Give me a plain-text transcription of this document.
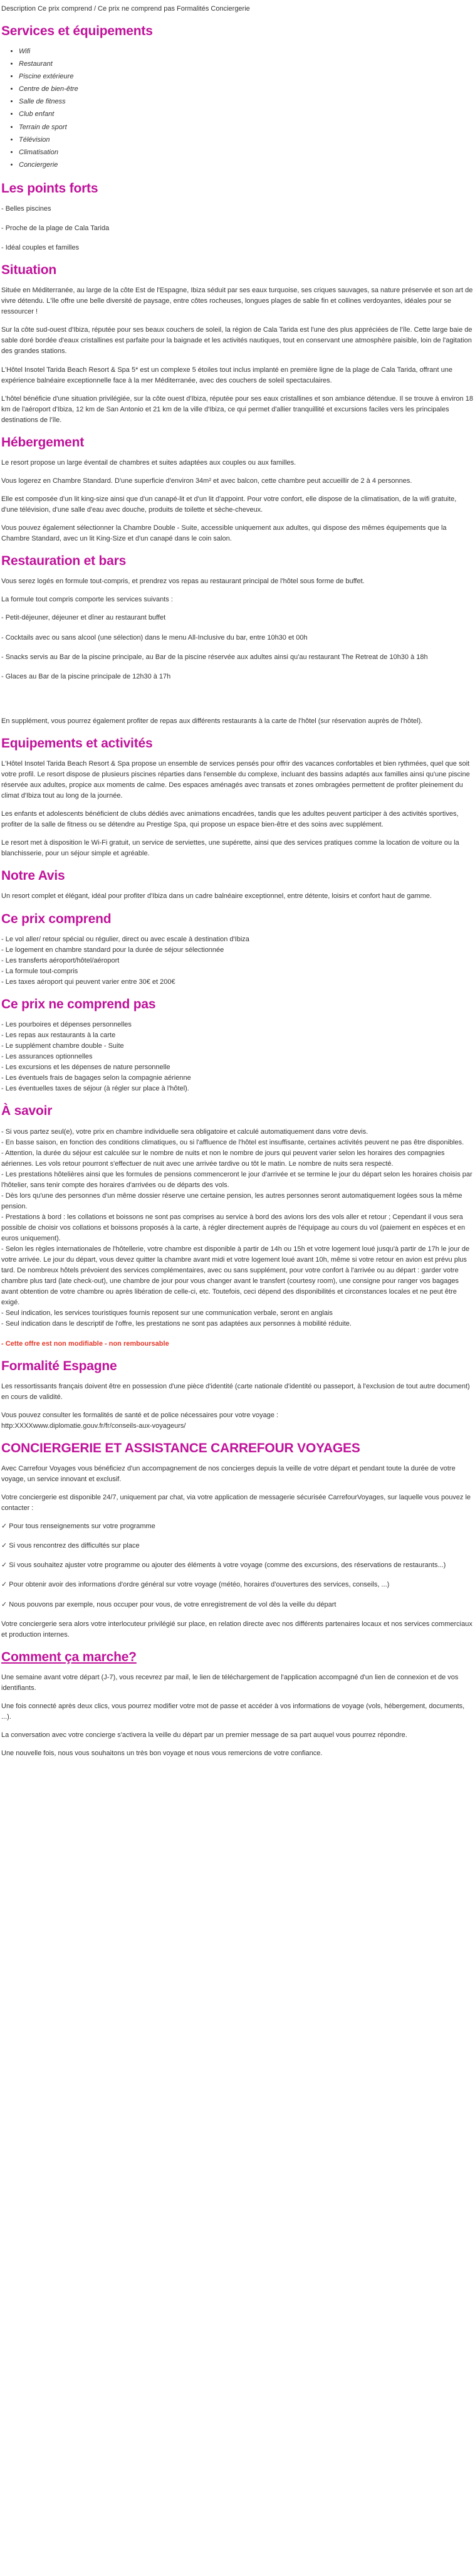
Description Ce prix comprend / Ce prix ne comprend pas Formalités Conciergerie
Services et équipements
• Wifi
• Restaurant
• Piscine extérieure
• Centre de bien-être
• Salle de fitness
• Club enfant
• Terrain de sport
• Télévision
• Climatisation
• Conciergerie
Les points forts

- Belles piscines

- Proche de la plage de Cala Tarida

- Idéal couples et familles

Situation

Située en Méditerranée, au large de la côte Est de l'Espagne, Ibiza séduit par ses eaux turquoise, ses criques sauvages, sa nature préservée et son art de vivre détendu. L'île offre une belle diversité de paysage, entre côtes rocheuses, longues plages de sable fin et collines verdoyantes, idéales pour se ressourcer !

Sur la côte sud-ouest d'Ibiza, réputée pour ses beaux couchers de soleil, la région de Cala Tarida est l'une des plus appréciées de l'île. Cette large baie de sable doré bordée d'eaux cristallines est parfaite pour la baignade et les activités nautiques, tout en conservant une atmosphère paisible, loin de l'agitation des grandes stations.

L'Hôtel Insotel Tarida Beach Resort & Spa 5* est un complexe 5 étoiles tout inclus implanté en première ligne de la plage de Cala Tarida, offrant une expérience balnéaire exceptionnelle face à la mer Méditerranée, avec des couchers de soleil spectaculaires.

L'hôtel bénéficie d'une situation privilégiée, sur la côte ouest d'Ibiza, réputée pour ses eaux cristallines et son ambiance détendue. Il se trouve à environ 18 km de l'aéroport d'Ibiza, 12 km de San Antonio et 21 km de la ville d'Ibiza, ce qui permet d'allier tranquillité et excursions faciles vers les principales destinations de l'île.

Hébergement

Le resort propose un large éventail de chambres et suites adaptées aux couples ou aux familles.

Vous logerez en Chambre Standard. D'une superficie d'environ 34m² et avec balcon, cette chambre peut accueillir de 2 à 4 personnes.

Elle est composée d'un lit king-size ainsi que d'un canapé-lit et d'un lit d'appoint. Pour votre confort, elle dispose de la climatisation, de la wifi gratuite, d'une télévision, d'une salle d'eau avec douche, produits de toilette et sèche-cheveux.

Vous pouvez également sélectionner la Chambre Double - Suite, accessible uniquement aux adultes, qui dispose des mêmes équipements que la Chambre Standard, avec un lit King-Size et d'un canapé dans le coin salon.

Restauration et bars

Vous serez logés en formule tout-compris, et prendrez vos repas au restaurant principal de l'hôtel sous forme de buffet.

La formule tout compris comporte les services suivants :

- Petit-déjeuner, déjeuner et dîner au restaurant buffet

- Cocktails avec ou sans alcool (une sélection) dans le menu All-Inclusive du bar, entre 10h30 et 00h

- Snacks servis au Bar de la piscine principale, au Bar de la piscine réservée aux adultes ainsi qu'au restaurant The Retreat de 10h30 à 18h

- Glaces au Bar de la piscine principale de 12h30 à 17h

En supplément, vous pourrez également profiter de repas aux différents restaurants à la carte de l'hôtel (sur réservation auprès de l'hôtel).

Equipements et activités

L'Hôtel Insotel Tarida Beach Resort & Spa propose un ensemble de services pensés pour offrir des vacances confortables et bien rythmées, quel que soit votre profil. Le resort dispose de plusieurs piscines réparties dans l'ensemble du complexe, incluant des bassins adaptés aux familles ainsi qu'une piscine réservée aux adultes, propice aux moments de calme. Des espaces aménagés avec transats et zones ombragées permettent de profiter pleinement du climat d'Ibiza tout au long de la journée.

Les enfants et adolescents bénéficient de clubs dédiés avec animations encadrées, tandis que les adultes peuvent participer à des activités sportives, profiter de la salle de fitness ou se détendre au Prestige Spa, qui propose un espace bien-être et des soins avec supplément.

Le resort met à disposition le Wi-Fi gratuit, un service de serviettes, une supérette, ainsi que des services pratiques comme la location de voiture ou la blanchisserie, pour un séjour simple et agréable.

Notre Avis

Un resort complet et élégant, idéal pour profiter d'Ibiza dans un cadre balnéaire exceptionnel, entre détente, loisirs et confort haut de gamme.

Ce prix comprend
- Le vol aller/ retour spécial ou régulier, direct ou avec escale à destination d'Ibiza
- Le logement en chambre standard pour la durée de séjour sélectionnée
- Les transferts aéroport/hôtel/aéroport
- La formule tout-compris
- Les taxes aéroport qui peuvent varier entre 30€ et 200€
Ce prix ne comprend pas
- Les pourboires et dépenses personnelles
- Les repas aux restaurants à la carte
- Le supplément chambre double - Suite
- Les assurances optionnelles
- Les excursions et les dépenses de nature personnelle
- Les éventuels frais de bagages selon la compagnie aérienne
- Les éventuelles taxes de séjour (à régler sur place à l'hôtel).
À savoir
- Si vous partez seul(e), votre prix en chambre individuelle sera obligatoire et calculé automatiquement dans votre devis.
- En basse saison, en fonction des conditions climatiques, ou si l'affluence de l'hôtel est insuffisante, certaines activités peuvent ne pas être disponibles.
- Attention, la durée du séjour est calculée sur le nombre de nuits et non le nombre de jours qui peuvent varier selon les horaires des compagnies aériennes. Les vols retour pourront s'effectuer de nuit avec une arrivée tardive ou tôt le matin. Le nombre de nuits sera respecté.
- Les prestations hôtelières ainsi que les formules de pensions commenceront le jour d'arrivée et se termine le jour du départ selon les horaires choisis par l'hôtelier, sans tenir compte des horaires d'arrivées ou de départs des vols.
- Dès lors qu'une des personnes d'un même dossier réserve une certaine pension, les autres personnes seront automatiquement logées sous la même pension.
- Prestations à bord : les collations et boissons ne sont pas comprises au service à bord des avions lors des vols aller et retour ; Cependant il vous sera possible de choisir vos collations et boissons proposés à la carte, à régler directement auprès de l'équipage au cours du vol (paiement en espèces et en euros uniquement).
- Selon les règles internationales de l'hôtellerie, votre chambre est disponible à partir de 14h ou 15h et votre logement loué jusqu'à partir de 17h le jour de votre arrivée. Le jour du départ, vous devez quitter la chambre avant midi et votre logement loué avant 10h, même si votre retour en avion est prévu plus tard. De nombreux hôtels prévoient des services complémentaires, avec ou sans supplément, pour votre confort à l'arrivée ou au départ : garder votre chambre plus tard (late check-out), une chambre de jour pour vous changer avant le transfert (courtesy room), une consigne pour ranger vos bagages avant obtention de votre chambre ou après libération de celle-ci, etc. Toutefois, ceci dépend des disponibilités et circonstances locales et ne peut être exigé.
- Seul indication, les services touristiques fournis reposent sur une communication verbale, seront en anglais
- Seul indication dans le descriptif de l'offre, les prestations ne sont pas adaptées aux personnes à mobilité réduite.

- Cette offre est non modifiable - non remboursable

Formalité Espagne

Les ressortissants français doivent être en possession d'une pièce d'identité (carte nationale d'identité ou passeport, à l'exclusion de tout autre document) en cours de validité.

Vous pouvez consulter les formalités de santé et de police nécessaires pour votre voyage :

http:XXXXwww.diplomatie.gouv.fr/fr/conseils-aux-voyageurs/

CONCIERGERIE ET ASSISTANCE CARREFOUR VOYAGES

Avec Carrefour Voyages vous bénéficiez d'un accompagnement de nos concierges depuis la veille de votre départ et pendant toute la durée de votre voyage, un service innovant et exclusif.

Votre conciergerie est disponible 24/7, uniquement par chat, via votre application de messagerie sécurisée CarrefourVoyages, sur laquelle vous pouvez le contacter :

✓ Pour tous renseignements sur votre programme

✓ Si vous rencontrez des difficultés sur place

✓ Si vous souhaitez ajuster votre programme ou ajouter des éléments à votre voyage (comme des excursions, des réservations de restaurants...)

✓ Pour obtenir avoir des informations d'ordre général sur votre voyage (météo, horaires d'ouvertures des services, conseils, ...)

✓ Nous pouvons par exemple, nous occuper pour vous, de votre enregistrement de vol dès la veille du départ

Votre conciergerie sera alors votre interlocuteur privilégié sur place, en relation directe avec nos différents partenaires locaux et nos services commerciaux et production internes.

Comment ça marche?

Une semaine avant votre départ (J-7), vous recevrez par mail, le lien de téléchargement de l'application accompagné d'un lien de connexion et de vos identifiants.

Une fois connecté après deux clics, vous pourrez modifier votre mot de passe et accéder à vos informations de voyage (vols, hébergement, documents, ...).

La conversation avec votre concierge s'activera la veille du départ par un premier message de sa part auquel vous pourrez répondre.

Une nouvelle fois, nous vous souhaitons un très bon voyage et nous vous remercions de votre confiance.
